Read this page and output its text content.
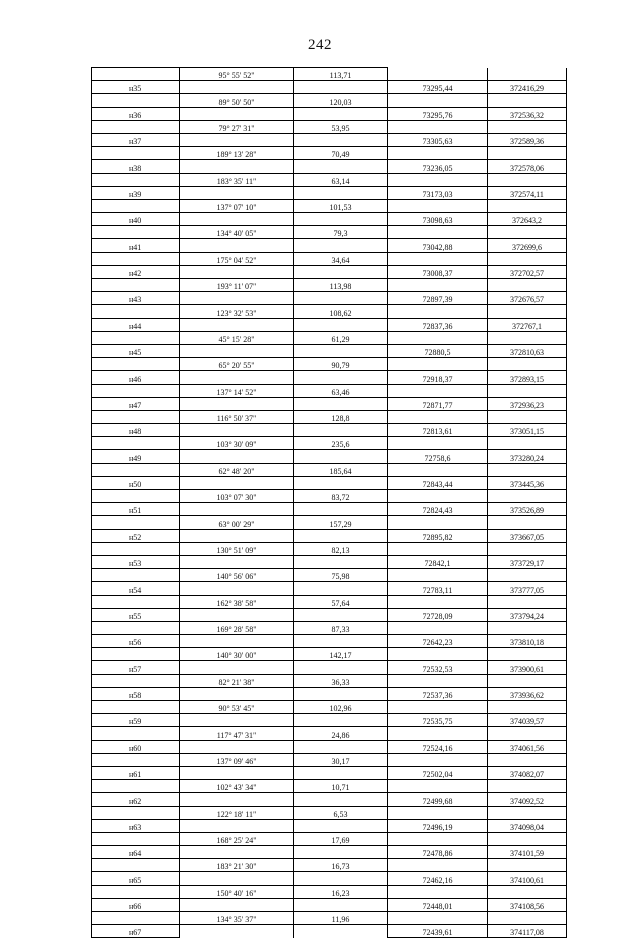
242
	95° 55' 52"	113,71		
н35			73295,44	372416,29
	89° 50' 50"	120,03		
н36			73295,76	372536,32
	79° 27' 31"	53,95		
н37			73305,63	372589,36
	189° 13' 28"	70,49		
н38			73236,05	372578,06
	183° 35' 11"	63,14		
н39			73173,03	372574,11
	137° 07' 10"	101,53		
н40			73098,63	372643,2
	134° 40' 05"	79,3		
н41			73042,88	372699,6
	175° 04' 52"	34,64		
н42			73008,37	372702,57
	193° 11' 07"	113,98		
н43			72897,39	372676,57
	123° 32' 53"	108,62		
н44			72837,36	372767,1
	45° 15' 28"	61,29		
н45			72880,5	372810,63
	65° 20' 55"	90,79		
н46			72918,37	372893,15
	137° 14' 52"	63,46		
н47			72871,77	372936,23
	116° 50' 37"	128,8		
н48			72813,61	373051,15
	103° 30' 09"	235,6		
н49			72758,6	373280,24
	62° 48' 20"	185,64		
н50			72843,44	373445,36
	103° 07' 30"	83,72		
н51			72824,43	373526,89
	63° 00' 29"	157,29		
н52			72895,82	373667,05
	130° 51' 09"	82,13		
н53			72842,1	373729,17
	140° 56' 06"	75,98		
н54			72783,11	373777,05
	162° 38' 58"	57,64		
н55			72728,09	373794,24
	169° 28' 58"	87,33		
н56			72642,23	373810,18
	140° 30' 00"	142,17		
н57			72532,53	373900,61
	82° 21' 38"	36,33		
н58			72537,36	373936,62
	90° 53' 45"	102,96		
н59			72535,75	374039,57
	117° 47' 31"	24,86		
н60			72524,16	374061,56
	137° 09' 46"	30,17		
н61			72502,04	374082,07
	102° 43' 34"	10,71		
н62			72499,68	374092,52
	122° 18' 11"	6,53		
н63			72496,19	374098,04
	168° 25' 24"	17,69		
н64			72478,86	374101,59
	183° 21' 30"	16,73		
н65			72462,16	374100,61
	150° 40' 16"	16,23		
н66			72448,01	374108,56
	134° 35' 37"	11,96		
н67			72439,61	374117,08
